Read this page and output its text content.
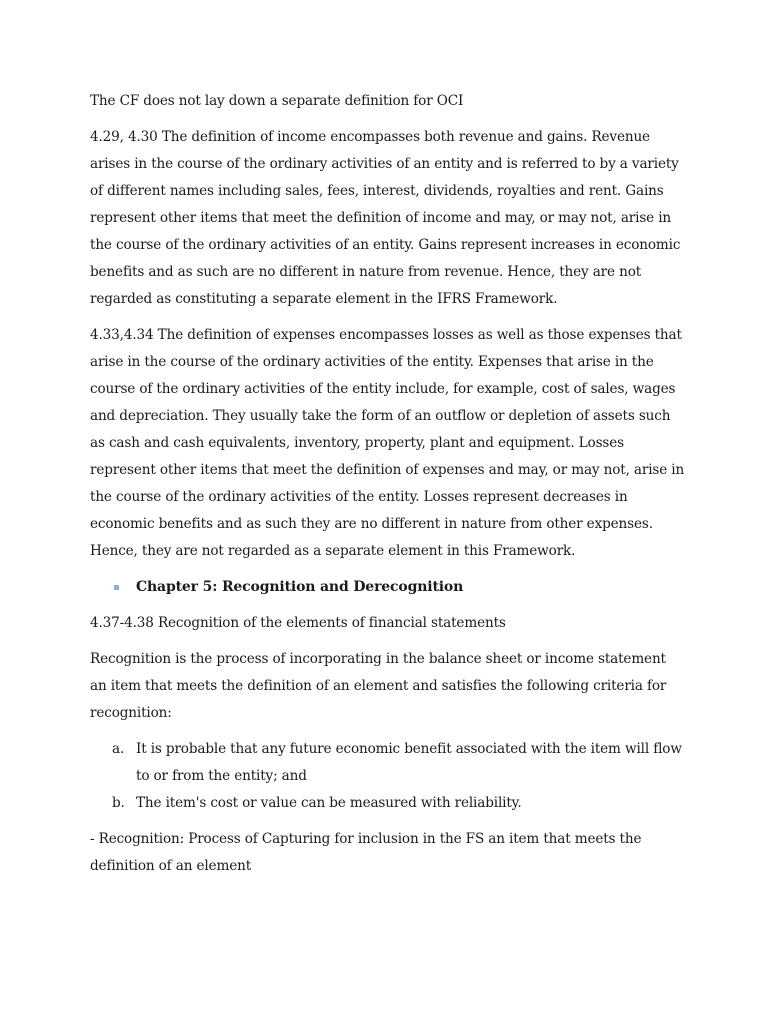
The CF does not lay down a separate definition for OCI

4.29, 4.30 The definition of income encompasses both revenue and gains. Revenue arises in the course of the ordinary activities of an entity and is referred to by a variety of different names including sales, fees, interest, dividends, royalties and rent. Gains represent other items that meet the definition of income and may, or may not, arise in the course of the ordinary activities of an entity. Gains represent increases in economic benefits and as such are no different in nature from revenue. Hence, they are not regarded as constituting a separate element in the IFRS Framework.

4.33,4.34 The definition of expenses encompasses losses as well as those expenses that arise in the course of the ordinary activities of the entity. Expenses that arise in the course of the ordinary activities of the entity include, for example, cost of sales, wages and depreciation. They usually take the form of an outflow or depletion of assets such as cash and cash equivalents, inventory, property, plant and equipment. Losses represent other items that meet the definition of expenses and may, or may not, arise in the course of the ordinary activities of the entity. Losses represent decreases in economic benefits and as such they are no different in nature from other expenses. Hence, they are not regarded as a separate element in this Framework.

Chapter 5: Recognition and Derecognition

4.37-4.38 Recognition of the elements of financial statements

Recognition is the process of incorporating in the balance sheet or income statement an item that meets the definition of an element and satisfies the following criteria for recognition:

a. It is probable that any future economic benefit associated with the item will flow to or from the entity; and
b. The item's cost or value can be measured with reliability.

- Recognition: Process of Capturing for inclusion in the FS an item that meets the definition of an element
